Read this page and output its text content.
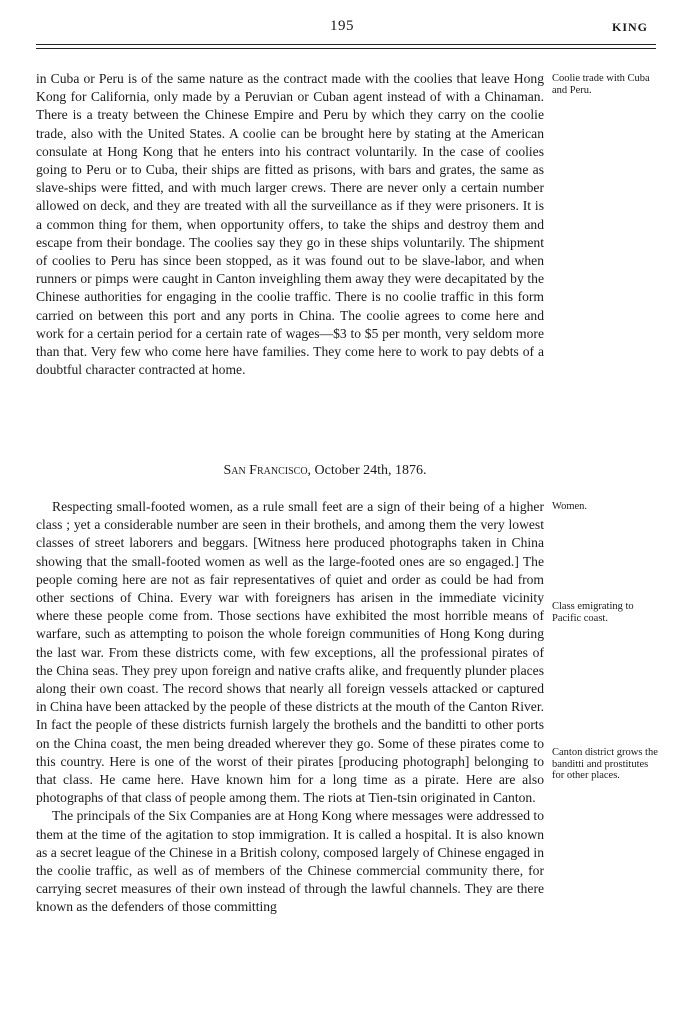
195	KING

in Cuba or Peru is of the same nature as the contract made with the coolies that leave Hong Kong for California, only made by a Peruvian or Cuban agent instead of with a Chinaman. There is a treaty between the Chinese Empire and Peru by which they carry on the coolie trade, also with the United States. A coolie can be brought here by stating at the American consulate at Hong Kong that he enters into his contract voluntarily. In the case of coolies going to Peru or to Cuba, their ships are fitted as prisons, with bars and grates, the same as slave-ships were fitted, and with much larger crews. There are never only a certain number allowed on deck, and they are treated with all the surveillance as if they were prisoners. It is a common thing for them, when opportunity offers, to take the ships and destroy them and escape from their bondage. The coolies say they go in these ships voluntarily. The shipment of coolies to Peru has since been stopped, as it was found out to be slave-labor, and when runners or pimps were caught in Canton inveighling them away they were decapitated by the Chinese authorities for engaging in the coolie traffic. There is no coolie traffic in this form carried on between this port and any ports in China. The coolie agrees to come here and work for a certain period for a certain rate of wages—$3 to $5 per month, very seldom more than that. Very few who come here have families. They come here to work to pay debts of a doubtful character contracted at home.

Coolie trade with Cuba and Peru.
San Francisco, October 24th, 1876.

Respecting small-footed women, as a rule small feet are a sign of their being of a higher class ; yet a considerable number are seen in their brothels, and among them the very lowest classes of street laborers and beggars. [Witness here produced photographs taken in China showing that the small-footed women as well as the large-footed ones are so engaged.] The people coming here are not as fair representatives of quiet and order as could be had from other sections of China. Every war with foreigners has arisen in the immediate vicinity where these people come from. Those sections have exhibited the most horrible means of warfare, such as attempting to poison the whole foreign communities of Hong Kong during the last war. From these districts come, with few exceptions, all the professional pirates of the China seas. They prey upon foreign and native crafts alike, and frequently plunder places along their own coast. The record shows that nearly all foreign vessels attacked or captured in China have been attacked by the people of these districts at the mouth of the Canton River. In fact the people of these districts furnish largely the brothels and the banditti to other ports on the China coast, the men being dreaded wherever they go. Some of these pirates come to this country. Here is one of the worst of their pirates [producing photograph] belonging to that class. He came here. Have known him for a long time as a pirate. Here are also photographs of that class of people among them. The riots at Tien-tsin originated in Canton.

The principals of the Six Companies are at Hong Kong where messages were addressed to them at the time of the agitation to stop immigration. It is called a hospital. It is also known as a secret league of the Chinese in a British colony, composed largely of Chinese engaged in the coolie traffic, as well as of members of the Chinese commercial community there, for carrying secret measures of their own instead of through the lawful channels. They are there known as the defenders of those committing

Women.
Class emigrating to Pacific coast.
Canton district grows the banditti and prostitutes for other places.
